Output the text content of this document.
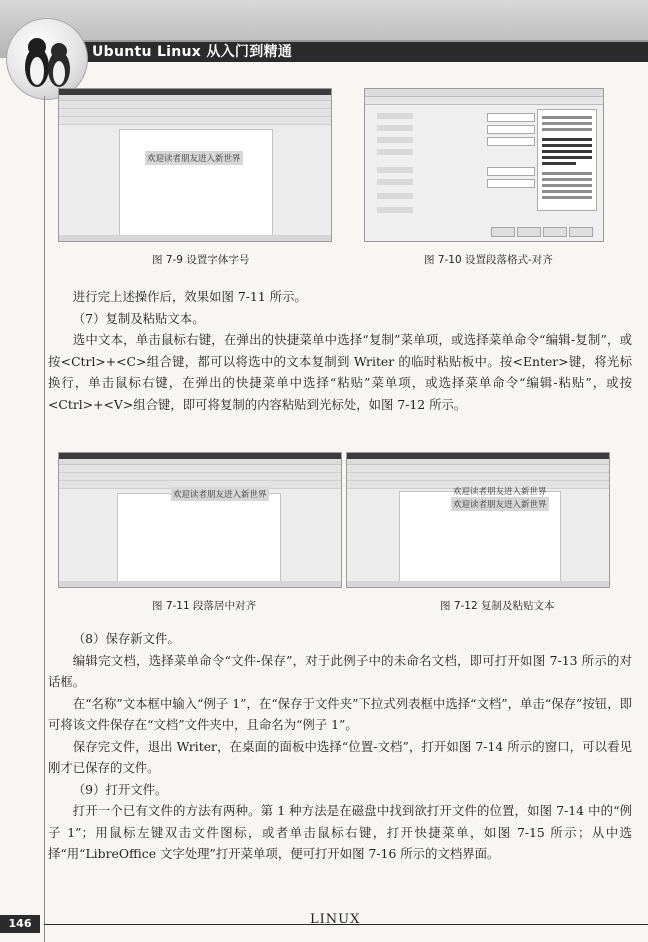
Ubuntu Linux 从入门到精通
欢迎读者朋友进入新世界
图 7-9 设置字体字号	图 7-10 设置段落格式-对齐

进行完上述操作后，效果如图 7-11 所示。

（7）复制及粘贴文本。

选中文本，单击鼠标右键，在弹出的快捷菜单中选择“复制”菜单项，或选择菜单命令“编辑-复制”，或按<Ctrl>+<C>组合键，都可以将选中的文本复制到 Writer 的临时粘贴板中。按<Enter>键，将光标换行，单击鼠标右键，在弹出的快捷菜单中选择“粘贴”菜单项，或选择菜单命令“编辑-粘贴”，或按<Ctrl>+<V>组合键，即可将复制的内容粘贴到光标处，如图 7-12 所示。

欢迎读者朋友进入新世界
图 7-11 段落居中对齐
欢迎读者朋友进入新世界
欢迎读者朋友进入新世界
图 7-12 复制及粘贴文本

（8）保存新文件。

编辑完文档，选择菜单命令“文件-保存”，对于此例子中的未命名文档，即可打开如图 7-13 所示的对话框。

在“名称”文本框中输入“例子 1”，在“保存于文件夹”下拉式列表框中选择“文档”，单击“保存”按钮，即可将该文件保存在“文档”文件夹中，且命名为“例子 1”。

保存完文件，退出 Writer，在桌面的面板中选择“位置-文档”，打开如图 7-14 所示的窗口，可以看见刚才已保存的文件。

（9）打开文件。

打开一个已有文件的方法有两种。第 1 种方法是在磁盘中找到欲打开文件的位置，如图 7-14 中的“例子 1”；用鼠标左键双击文件图标，或者单击鼠标右键，打开快捷菜单，如图 7-15 所示；从中选择“用“LibreOffice 文字处理”打开菜单项，便可打开如图 7-16 所示的文档界面。

146	LINUX
